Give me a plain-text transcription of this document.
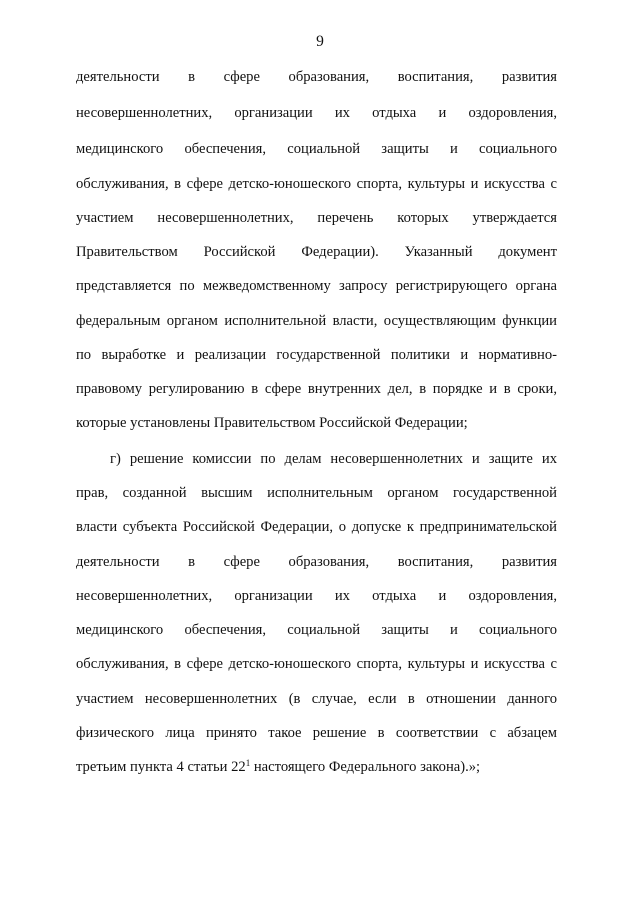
9
деятельности в сфере образования, воспитания, развития
несовершеннолетних, организации их отдыха и оздоровления,
медицинского обеспечения, социальной защиты и социального
обслуживания, в сфере детско-юношеского спорта, культуры и искусства с
участием несовершеннолетних, перечень которых утверждается
Правительством Российской Федерации). Указанный документ
представляется по межведомственному запросу регистрирующего органа
федеральным органом исполнительной власти, осуществляющим функции
по выработке и реализации государственной политики и нормативно-
правовому регулированию в сфере внутренних дел, в порядке и в сроки,
которые установлены Правительством Российской Федерации;
г) решение комиссии по делам несовершеннолетних и защите их
прав, созданной высшим исполнительным органом государственной
власти субъекта Российской Федерации, о допуске к предпринимательской
деятельности в сфере образования, воспитания, развития
несовершеннолетних, организации их отдыха и оздоровления,
медицинского обеспечения, социальной защиты и социального
обслуживания, в сфере детско-юношеского спорта, культуры и искусства с
участием несовершеннолетних (в случае, если в отношении данного
физического лица принято такое решение в соответствии с абзацем
третьим пункта 4 статьи $22^1$ настоящего Федерального закона).»;
